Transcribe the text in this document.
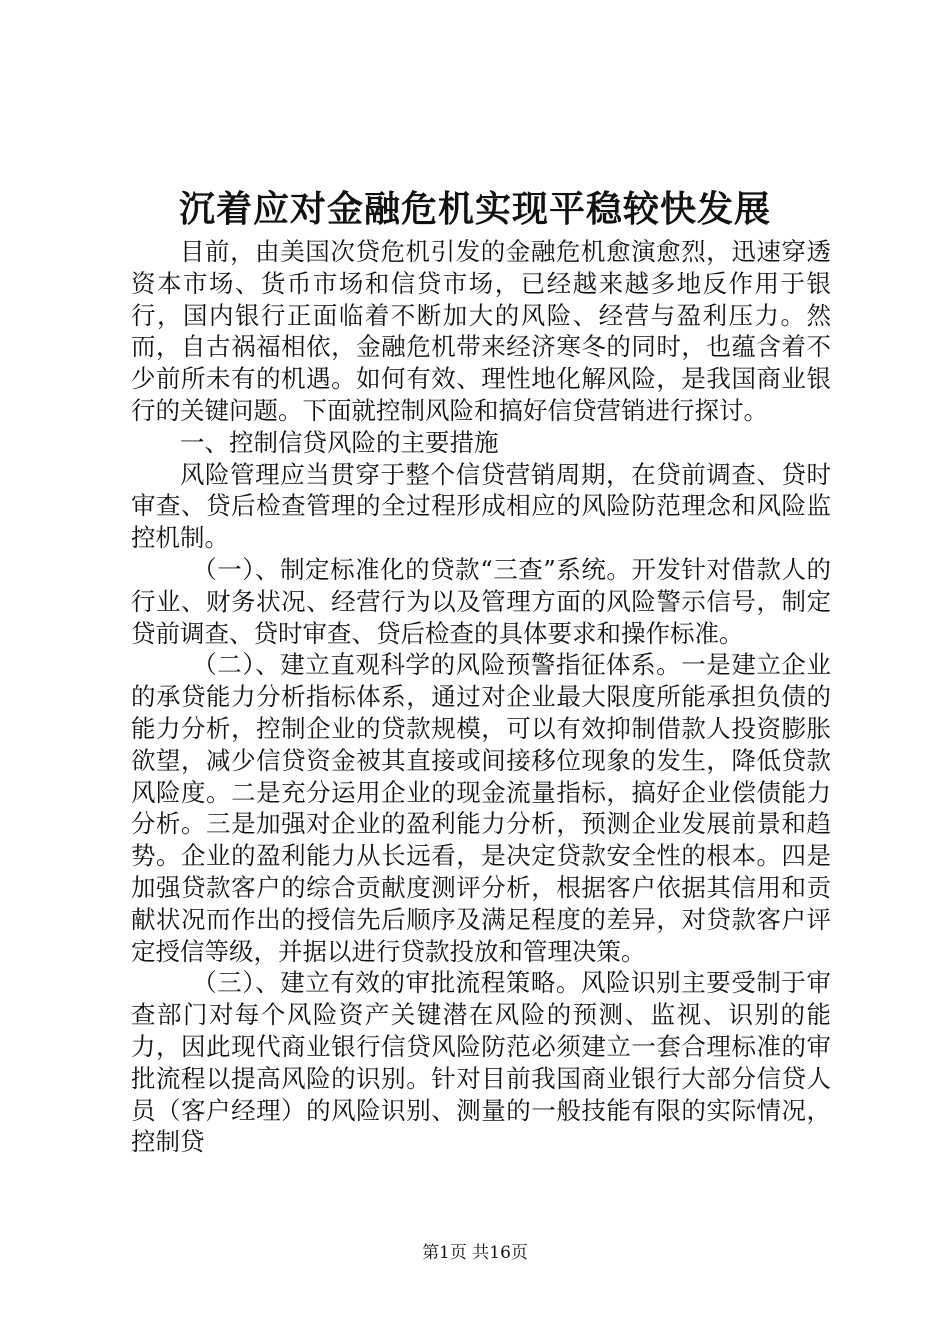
沉着应对金融危机实现平稳较快发展

目前，由美国次贷危机引发的金融危机愈演愈烈，迅速穿透资本市场、货币市场和信贷市场，已经越来越多地反作用于银行，国内银行正面临着不断加大的风险、经营与盈利压力。然而，自古祸福相依，金融危机带来经济寒冬的同时，也蕴含着不少前所未有的机遇。如何有效、理性地化解风险，是我国商业银行的关键问题。下面就控制风险和搞好信贷营销进行探讨。

一、控制信贷风险的主要措施

风险管理应当贯穿于整个信贷营销周期，在贷前调查、贷时审查、贷后检查管理的全过程形成相应的风险防范理念和风险监控机制。

（一）、制定标准化的贷款“三查”系统。开发针对借款人的行业、财务状况、经营行为以及管理方面的风险警示信号，制定贷前调查、贷时审查、贷后检查的具体要求和操作标准。

（二）、建立直观科学的风险预警指征体系。一是建立企业的承贷能力分析指标体系，通过对企业最大限度所能承担负债的能力分析，控制企业的贷款规模，可以有效抑制借款人投资膨胀欲望，减少信贷资金被其直接或间接移位现象的发生，降低贷款风险度。二是充分运用企业的现金流量指标，搞好企业偿债能力分析。三是加强对企业的盈利能力分析，预测企业发展前景和趋势。企业的盈利能力从长远看，是决定贷款安全性的根本。四是加强贷款客户的综合贡献度测评分析，根据客户依据其信用和贡献状况而作出的授信先后顺序及满足程度的差异，对贷款客户评定授信等级，并据以进行贷款投放和管理决策。

（三）、建立有效的审批流程策略。风险识别主要受制于审查部门对每个风险资产关键潜在风险的预测、监视、识别的能力，因此现代商业银行信贷风险防范必须建立一套合理标准的审批流程以提高风险的识别。针对目前我国商业银行大部分信贷人员（客户经理）的风险识别、测量的一般技能有限的实际情况，控制贷

第1页 共16页
